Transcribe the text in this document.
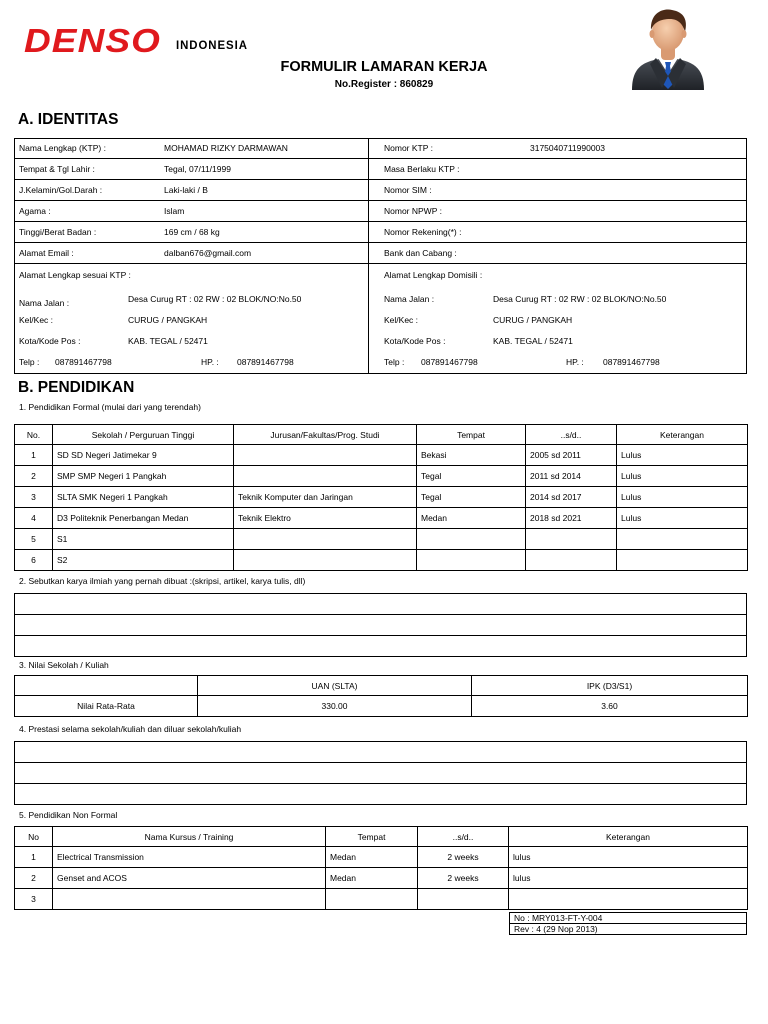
DENSO INDONESIA
FORMULIR LAMARAN KERJA
No.Register : 860829
A. IDENTITAS
Nama Lengkap (KTP) :	MOHAMAD RIZKY DARMAWAN	Nomor KTP :	3175040711990003
Tempat & Tgl Lahir :	Tegal, 07/11/1999	Masa Berlaku KTP :
J.Kelamin/Gol.Darah :	Laki-laki / B	Nomor SIM :
Agama :	Islam	Nomor NPWP :
Tinggi/Berat Badan :	169 cm / 68 kg	Nomor Rekening(*) :
Alamat Email :	dalban676@gmail.com	Bank dan Cabang :
Alamat Lengkap sesuai KTP :
Nama Jalan :	Desa Curug RT : 02 RW : 02 BLOK/NO:No.50
Kel/Kec :	CURUG / PANGKAH
Kota/Kode Pos :	KAB. TEGAL / 52471
Telp : 087891467798	HP. : 087891467798
Alamat Lengkap Domisili :
Nama Jalan :	Desa Curug RT : 02 RW : 02 BLOK/NO:No.50
Kel/Kec :	CURUG / PANGKAH
Kota/Kode Pos :	KAB. TEGAL / 52471
Telp : 087891467798	HP. : 087891467798
B. PENDIDIKAN
1. Pendidikan Formal (mulai dari yang terendah)
No.	Sekolah / Perguruan Tinggi	Jurusan/Fakultas/Prog. Studi	Tempat	..s/d..	Keterangan
1	SD SD Negeri Jatimekar 9		Bekasi	2005 sd 2011	Lulus
2	SMP SMP Negeri 1 Pangkah		Tegal	2011 sd 2014	Lulus
3	SLTA SMK Negeri 1 Pangkah	Teknik Komputer dan Jaringan	Tegal	2014 sd 2017	Lulus
4	D3 Politeknik Penerbangan Medan	Teknik Elektro	Medan	2018 sd 2021	Lulus
5	S1				
6	S2				
2. Sebutkan karya ilmiah yang pernah dibuat :(skripsi, artikel, karya tulis, dll)

3. Nilai Sekolah / Kuliah
	UAN (SLTA)	IPK (D3/S1)
Nilai Rata-Rata	330.00	3.60
4. Prestasi selama sekolah/kuliah dan diluar sekolah/kuliah

5. Pendidikan Non Formal
No	Nama Kursus / Training	Tempat	..s/d..	Keterangan
1	Electrical Transmission	Medan	2 weeks	lulus
2	Genset and ACOS	Medan	2 weeks	lulus
3				
No : MRY013-FT-Y-004
Rev : 4 (29 Nop 2013)
